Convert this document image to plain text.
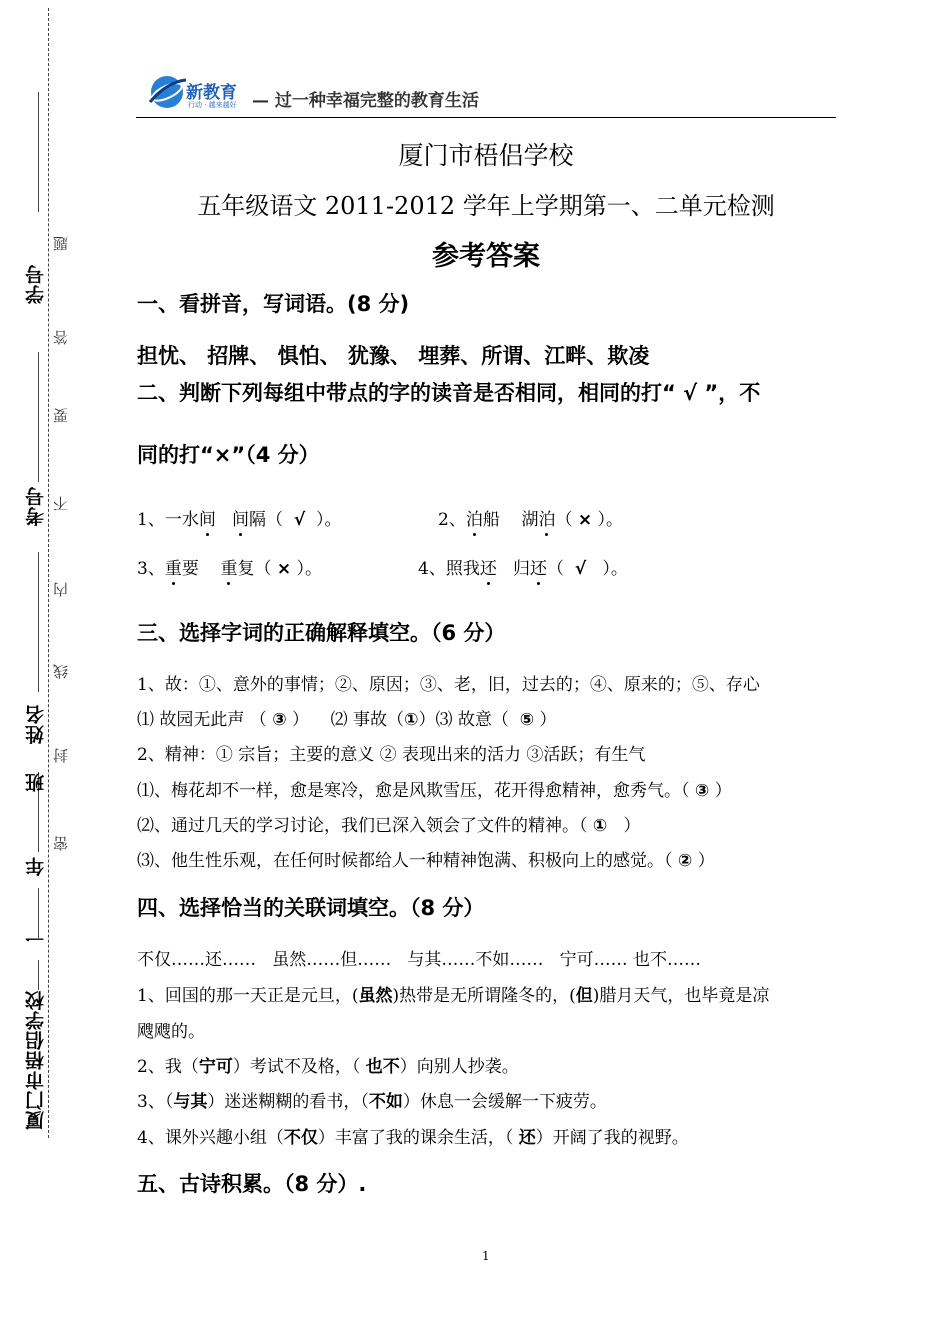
学号
考号
姓名
班
年
一
厦门市梧侣学校
题
答
要
不
内
线
封
密
新教育
行动 · 越来越好 — 过一种幸福完整的教育生活
厦门市梧侣学校
五年级语文 2011-2012 学年上学期第一、二单元检测
参考答案
一、看拼音，写词语。(8 分)
担忧、 招牌、 惧怕、 犹豫、 埋葬、所谓、江畔、欺凌
二、判断下列每组中带点的字的读音是否相同，相同的打“ √ ”，不
同的打“×”（4 分）
1、一水间 间隔（ √ ）。	2、泊船 湖泊（ × ）。
3、重要 重复（ × ）。	4、照我还 归还（ √ ）。
三、选择字词的正确解释填空。（6 分）
1、故：①、意外的事情；②、原因；③、老，旧，过去的；④、原来的；⑤、存心
⑴ 故园无此声 （ ③ ） ⑵ 事故（①）⑶ 故意（ ⑤ ）
2、精神：① 宗旨；主要的意义 ② 表现出来的活力 ③活跃；有生气
⑴、梅花却不一样，愈是寒冷，愈是风欺雪压，花开得愈精神，愈秀气。（ ③ ）
⑵、通过几天的学习讨论，我们已深入领会了文件的精神。（ ① ）
⑶、他生性乐观，在任何时候都给人一种精神饱满、积极向上的感觉。（ ② ）
四、选择恰当的关联词填空。（8 分）
不仅……还……   虽然……但……   与其……不如……   宁可…… 也不……
1、回国的那一天正是元旦，(虽然)热带是无所谓隆冬的，(但)腊月天气，也毕竟是凉
飕飕的。
2、我（宁可）考试不及格，（ 也不）向别人抄袭。
3、（与其）迷迷糊糊的看书，（不如）休息一会缓解一下疲劳。
4、课外兴趣小组（不仅）丰富了我的课余生活，（ 还）开阔了我的视野。
五、古诗积累。（8 分）.
1
